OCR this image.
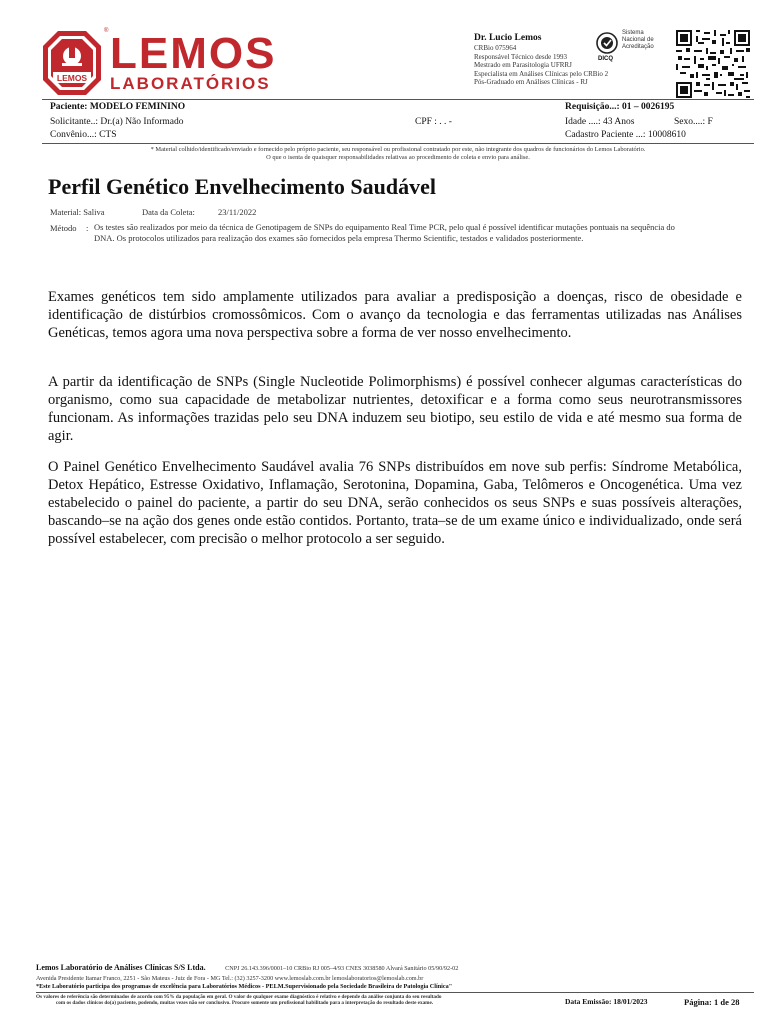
LEMOS LEMOS
LABORATÓRIOS
®
Dr. Lucio Lemos
CRBio 075964
Responsável Técnico desde 1993
Mestrado em Parasitologia UFRRJ
Especialista em Análises Clínicas pelo CRBio 2
Pós-Graduado em Análises Clínicas - RJ
Sistema
Nacional de
Acreditação
DICQ
Paciente: MODELO FEMININO
Solicitante..: Dr.(a) Não Informado
Convênio...: CTS
CPF : . . -
Requisição...: 01 – 0026195
Idade ....: 43 Anos	Sexo....: F
Cadastro Paciente ...: 10008610
* Material colhido/identificado/enviado e fornecido pelo próprio paciente, seu responsável ou profissional contratado por este, não integrante dos quadros de funcionários do Lemos Laboratório.
O que o isenta de quaisquer responsabilidades relativas ao procedimento de coleta e envio para análise.
Perfil Genético Envelhecimento Saudável
Material: Saliva	Data da Coleta:	23/11/2022
Método : Os testes são realizados por meio da técnica de Genotipagem de SNPs do equipamento Real Time PCR, pelo qual é possível identificar mutações pontuais na sequência do DNA. Os protocolos utilizados para realização dos exames são fornecidos pela empresa Thermo Scientific, testados e validados posteriormente.
Exames genéticos tem sido amplamente utilizados para avaliar a predisposição a doenças, risco de obesidade e identificação de distúrbios cromossômicos. Com o avanço da tecnologia e das ferramentas utilizadas nas Análises Genéticas, temos agora uma nova perspectiva sobre a forma de ver nosso envelhecimento.
A partir da identificação de SNPs (Single Nucleotide Polimorphisms) é possível conhecer algumas características do organismo, como sua capacidade de metabolizar nutrientes, detoxificar e a forma como seus neurotransmissores funcionam. As informações trazidas pelo seu DNA induzem seu biotipo, seu estilo de vida e até mesmo sua forma de agir.
O Painel Genético Envelhecimento Saudável avalia 76 SNPs distribuídos em nove sub perfis: Síndrome Metabólica, Detox Hepático, Estresse Oxidativo, Inflamação, Serotonina, Dopamina, Gaba, Telômeros e Oncogenética. Uma vez estabelecido o painel do paciente, a partir do seu DNA, serão conhecidos os seus SNPs e suas possíveis alterações, bascando–se na ação dos genes onde estão contidos. Portanto, trata–se de um exame único e individualizado, onde será possível estabelecer, com precisão o melhor protocolo a ser seguido.
Lemos Laboratório de Análises Clínicas S/S Ltda.	CNPJ 26.143.396/0001–10 CRBio RJ 005–4/93 CNES 3038580 Alvará Sanitário 05/90/92-02
Avenida Presidente Itamar Franco, 2251 - São Mateus - Juiz de Fora - MG Tel.: (32) 3257-3200 www.lemoslab.com.br lemoslaboratorios@lemoslab.com.br
*Este Laboratório participa dos programas de excelência para Laboratórios Médicos - PELM.Supervisionado pela Sociedade Brasileira de Patologia Clínica"
Os valores de referência são determinados de acordo com 95% da população em geral. O valor de qualquer exame diagnóstico é relativo e depende da análise conjunta do seu resultado
com os dados clínicos do(a) paciente, podendo, muitas vezes não ser conclusivo. Procure somente um profissional habilitado para a interpretação do resultado deste exame.	Data Emissão: 18/01/2023	Página: 1 de 28
